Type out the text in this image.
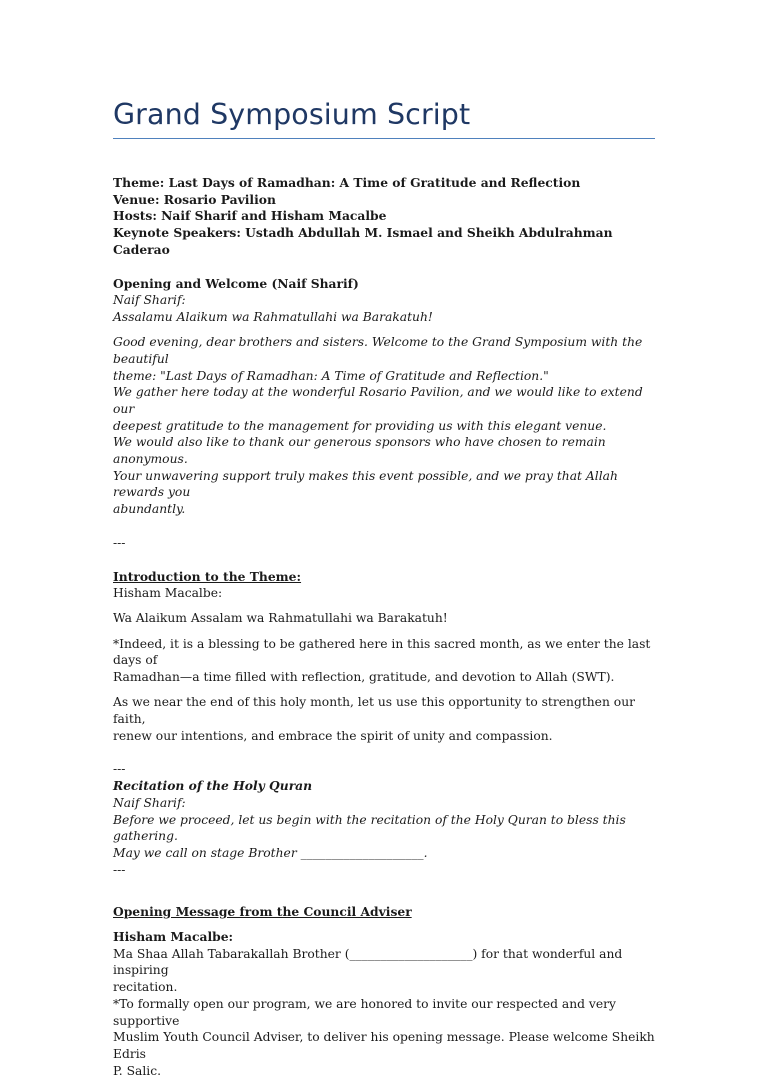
Grand Symposium Script

Theme: Last Days of Ramadhan: A Time of Gratitude and Reflection

Venue: Rosario Pavilion

Hosts: Naif Sharif and Hisham Macalbe

Keynote Speakers: Ustadh Abdullah M. Ismael and Sheikh Abdulrahman Caderao

Opening and Welcome (Naif Sharif)

Naif Sharif:

Assalamu Alaikum wa Rahmatullahi wa Barakatuh!

Good evening, dear brothers and sisters. Welcome to the Grand Symposium with the beautiful

theme: "Last Days of Ramadhan: A Time of Gratitude and Reflection."

We gather here today at the wonderful Rosario Pavilion, and we would like to extend our

deepest gratitude to the management for providing us with this elegant venue.

We would also like to thank our generous sponsors who have chosen to remain anonymous.

Your unwavering support truly makes this event possible, and we pray that Allah rewards you

abundantly.

---

Introduction to the Theme:

Hisham Macalbe:

Wa Alaikum Assalam wa Rahmatullahi wa Barakatuh!

*Indeed, it is a blessing to be gathered here in this sacred month, as we enter the last days of

Ramadhan—a time filled with reflection, gratitude, and devotion to Allah (SWT).

As we near the end of this holy month, let us use this opportunity to strengthen our faith,

renew our intentions, and embrace the spirit of unity and compassion.

---

Recitation of the Holy Quran

Naif Sharif:

Before we proceed, let us begin with the recitation of the Holy Quran to bless this gathering.

May we call on stage Brother ____________________.

---

Opening Message from the Council Adviser

Hisham Macalbe:

Ma Shaa Allah Tabarakallah Brother (____________________) for that wonderful and inspiring

recitation.

*To formally open our program, we are honored to invite our respected and very supportive

Muslim Youth Council Adviser, to deliver his opening message. Please welcome Sheikh Edris

P. Salic.
